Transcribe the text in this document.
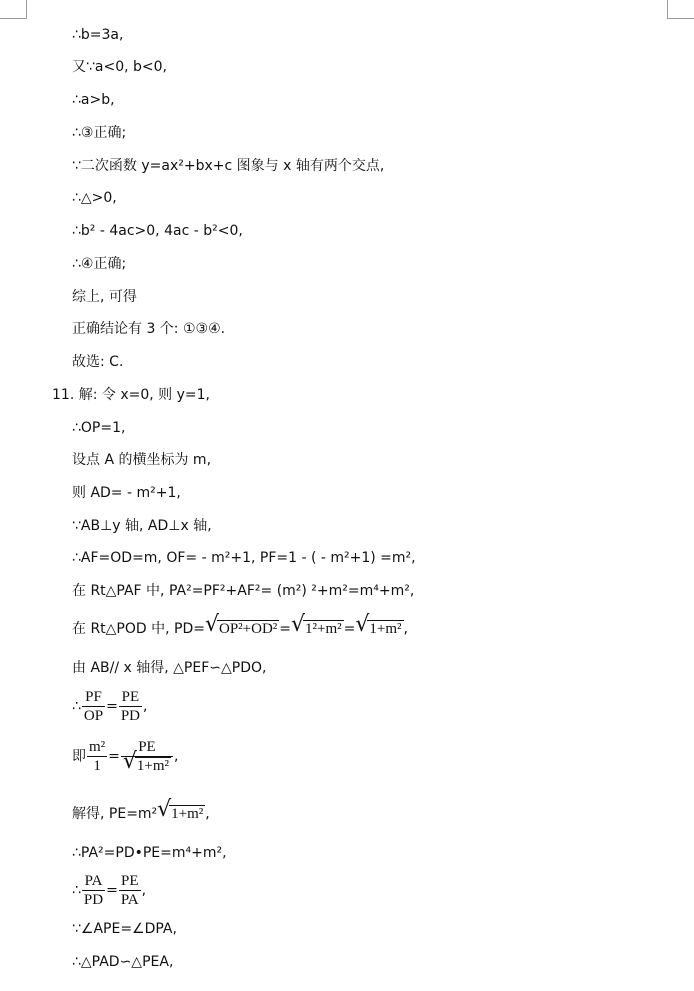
∴b=3a,
又∵a<0, b<0,
∴a>b,
∴③正确;
∵二次函数 y=ax²+bx+c 图象与 x 轴有两个交点,
∴△>0,
∴b² - 4ac>0, 4ac - b²<0,
∴④正确;
综上, 可得
正确结论有 3 个: ①③④.
故选: C.
11. 解: 令 x=0, 则 y=1,
∴OP=1,
设点 A 的横坐标为 m,
则 AD= - m²+1,
∵AB⊥y 轴, AD⊥x 轴,
∴AF=OD=m, OF= - m²+1, PF=1 - ( - m²+1) =m²,
在 Rt△PAF 中, PA²=PF²+AF²= (m²) ²+m²=m⁴+m²,
在 Rt△POD 中, PD= √ OP²+OD² = √ 1²+m² = √ 1+m² ,
由 AB// x 轴得, △PEF∽△PDO,
∴ $\frac{PF}{OP} = \frac{PE}{PD}$ ,
即 $\frac{\text{m²}}{1}$ = PE
√ 1+m² ,
解得, PE=m² √ 1+m² ,
∴PA²=PD•PE=m⁴+m²,
∴ $\frac{PA}{PD} = \frac{PE}{PA}$ ,
∵∠APE=∠DPA,
∴△PAD∽△PEA,
